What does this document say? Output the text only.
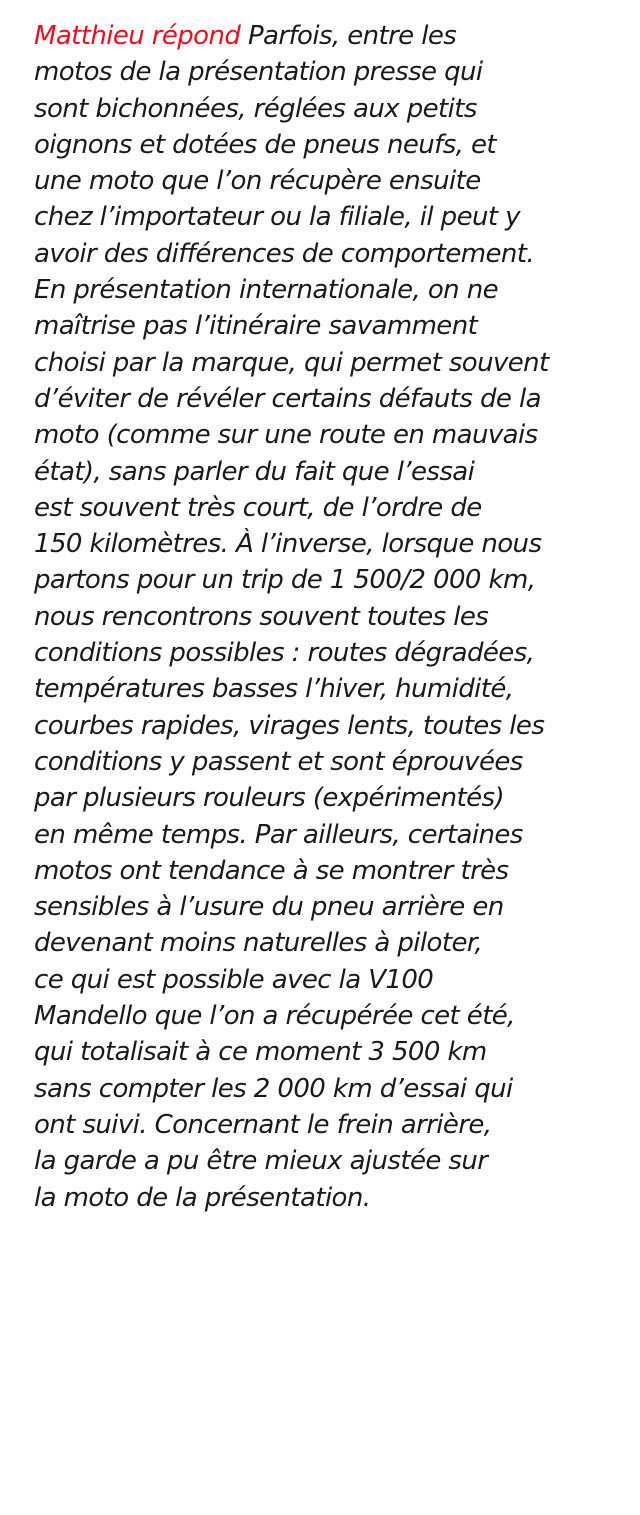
Matthieu répond Parfois, entre les
motos de la présentation presse qui
sont bichonnées, réglées aux petits
oignons et dotées de pneus neufs, et
une moto que l’on récupère ensuite
chez l’importateur ou la filiale, il peut y
avoir des différences de comportement.
En présentation internationale, on ne
maîtrise pas l’itinéraire savamment
choisi par la marque, qui permet souvent
d’éviter de révéler certains défauts de la
moto (comme sur une route en mauvais
état), sans parler du fait que l’essai
est souvent très court, de l’ordre de
150 kilomètres. À l’inverse, lorsque nous
partons pour un trip de 1 500/2 000 km,
nous rencontrons souvent toutes les
conditions possibles : routes dégradées,
températures basses l’hiver, humidité,
courbes rapides, virages lents, toutes les
conditions y passent et sont éprouvées
par plusieurs rouleurs (expérimentés)
en même temps. Par ailleurs, certaines
motos ont tendance à se montrer très
sensibles à l’usure du pneu arrière en
devenant moins naturelles à piloter,
ce qui est possible avec la V100
Mandello que l’on a récupérée cet été,
qui totalisait à ce moment 3 500 km
sans compter les 2 000 km d’essai qui
ont suivi. Concernant le frein arrière,
la garde a pu être mieux ajustée sur
la moto de la présentation.
